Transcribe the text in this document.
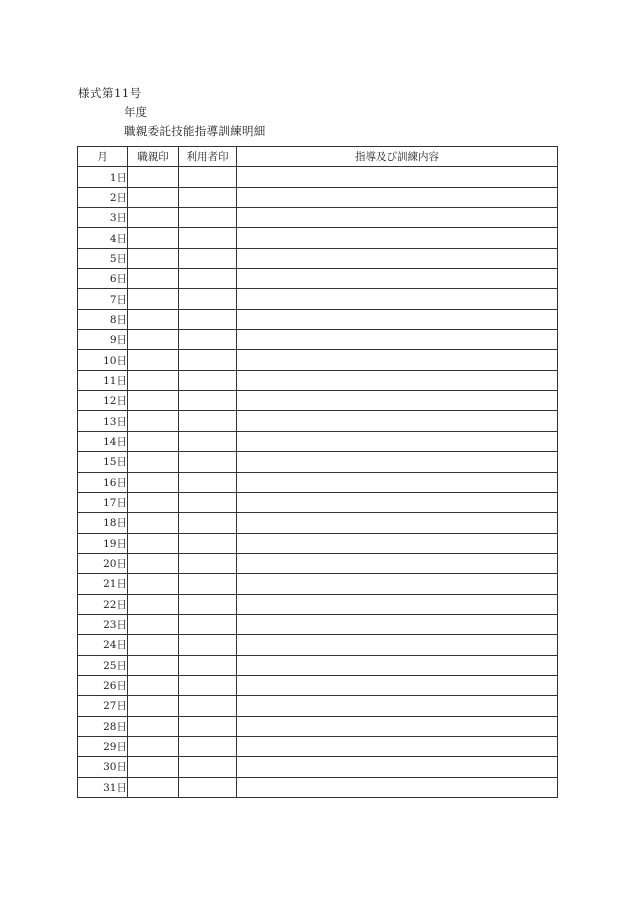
様式第11号
年度
職親委託技能指導訓練明細
月	職親印	利用者印	指導及び訓練内容
1日			
2日			
3日			
4日			
5日			
6日			
7日			
8日			
9日			
10日			
11日			
12日			
13日			
14日			
15日			
16日			
17日			
18日			
19日			
20日			
21日			
22日			
23日			
24日			
25日			
26日			
27日			
28日			
29日			
30日			
31日			
